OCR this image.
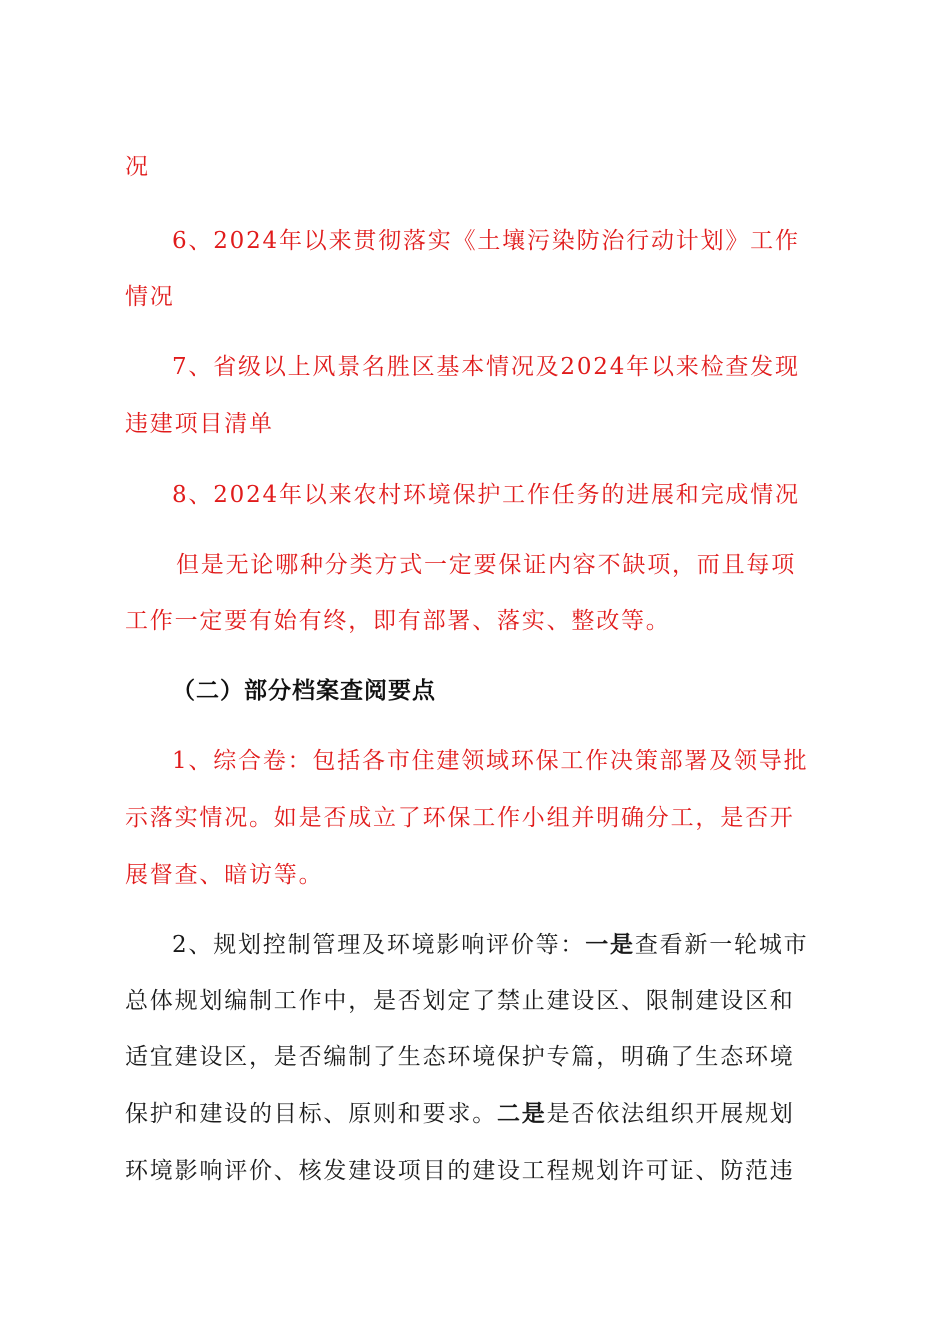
况
6、2024年以来贯彻落实《土壤污染防治行动计划》工作
情况
7、省级以上风景名胜区基本情况及2024年以来检查发现
违建项目清单
8、2024年以来农村环境保护工作任务的进展和完成情况
但是无论哪种分类方式一定要保证内容不缺项，而且每项
工作一定要有始有终，即有部署、落实、整改等。
（二）部分档案查阅要点
1、综合卷：包括各市住建领域环保工作决策部署及领导批
示落实情况。如是否成立了环保工作小组并明确分工，是否开
展督查、暗访等。
2、规划控制管理及环境影响评价等：一是查看新一轮城市
总体规划编制工作中，是否划定了禁止建设区、限制建设区和
适宜建设区，是否编制了生态环境保护专篇，明确了生态环境
保护和建设的目标、原则和要求。二是是否依法组织开展规划
环境影响评价、核发建设项目的建设工程规划许可证、防范违
